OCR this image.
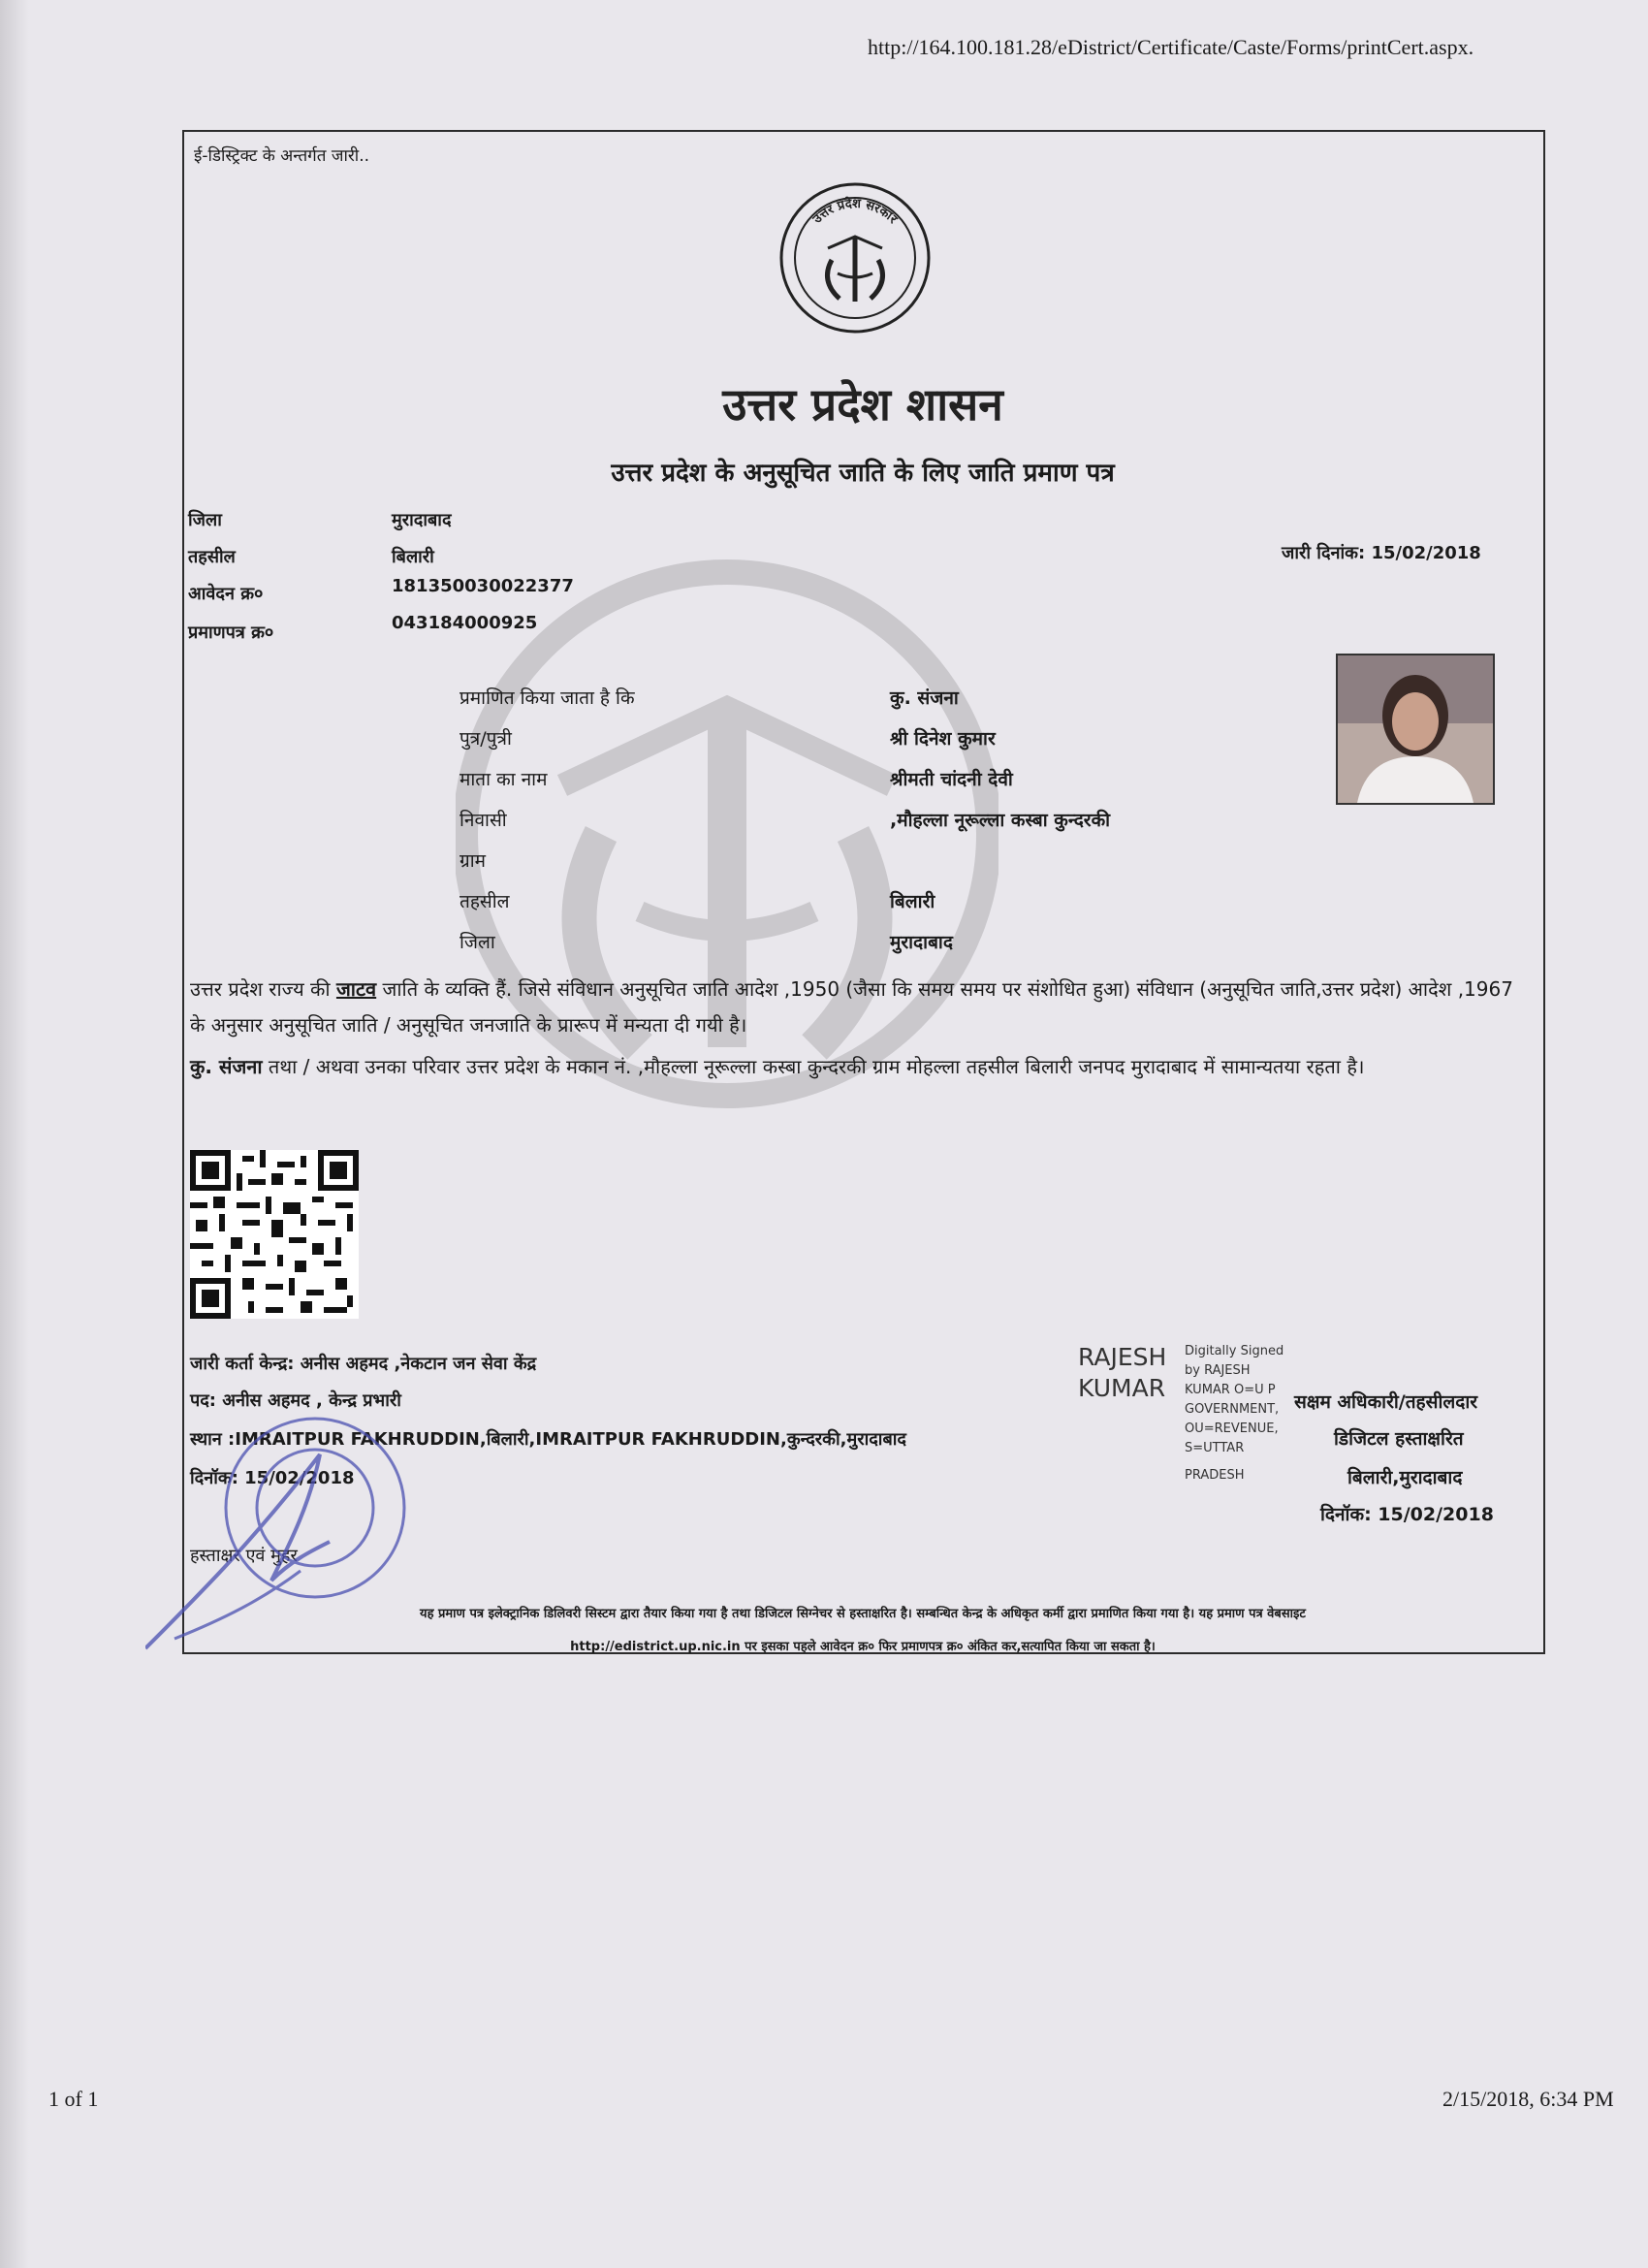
http://164.100.181.28/eDistrict/Certificate/Caste/Forms/printCert.aspx.
ई-डिस्ट्रिक्ट के अन्तर्गत जारी..
उत्तर प्रदेश सरकार
उत्तर प्रदेश शासन
उत्तर प्रदेश के अनुसूचित जाति के लिए जाति प्रमाण पत्र
जिला	मुरादाबाद
तहसील	बिलारी
आवेदन क्र०	181350030022377
प्रमाणपत्र क्र०	043184000925
जारी दिनांक: 15/02/2018
प्रमाणित किया जाता है कि	कु. संजना
पुत्र/पुत्री	श्री दिनेश कुमार
माता का नाम	श्रीमती चांदनी देवी
निवासी	,मौहल्ला नूरूल्ला कस्बा कुन्दरकी
ग्राम
तहसील	बिलारी
जिला	मुरादाबाद
उत्तर प्रदेश राज्य की जाटव जाति के व्यक्ति हैं. जिसे संविधान अनुसूचित जाति आदेश ,1950 (जैसा कि समय समय पर संशोधित हुआ) संविधान (अनुसूचित जाति,उत्तर प्रदेश) आदेश ,1967 के अनुसार अनुसूचित जाति / अनुसूचित जनजाति के प्रारूप में मन्यता दी गयी है।
कु. संजना तथा / अथवा उनका परिवार उत्तर प्रदेश के मकान नं. ,मौहल्ला नूरूल्ला कस्बा कुन्दरकी ग्राम मोहल्ला तहसील बिलारी जनपद मुरादाबाद में सामान्यतया रहता है।
जारी कर्ता केन्द्र: अनीस अहमद ,नेकटान जन सेवा केंद्र
पद: अनीस अहमद , केन्द्र प्रभारी
स्थान :IMRAITPUR FAKHRUDDIN,बिलारी,IMRAITPUR FAKHRUDDIN,कुन्दरकी,मुरादाबाद
दिनॉक: 15/02/2018
हस्ताक्षर एवं मुहर
RAJESH
KUMAR
Digitally Signed
by RAJESH
KUMAR O=U P
GOVERNMENT,
OU=REVENUE,
S=UTTAR
PRADESH
सक्षम अधिकारी/तहसीलदार
डिजिटल हस्ताक्षरित
बिलारी,मुरादाबाद
दिनॉक: 15/02/2018
यह प्रमाण पत्र इलेक्ट्रानिक डिलिवरी सिस्टम द्वारा तैयार किया गया है तथा डिजिटल सिग्नेचर से हस्ताक्षरित है। सम्बन्धित केन्द्र के अधिकृत कर्मी द्वारा प्रमाणित किया गया है। यह प्रमाण पत्र वेबसाइट
http://edistrict.up.nic.in पर इसका पहले आवेदन क्र० फिर प्रमाणपत्र क्र० अंकित कर,सत्यापित किया जा सकता है।
1 of 1	2/15/2018, 6:34 PM
